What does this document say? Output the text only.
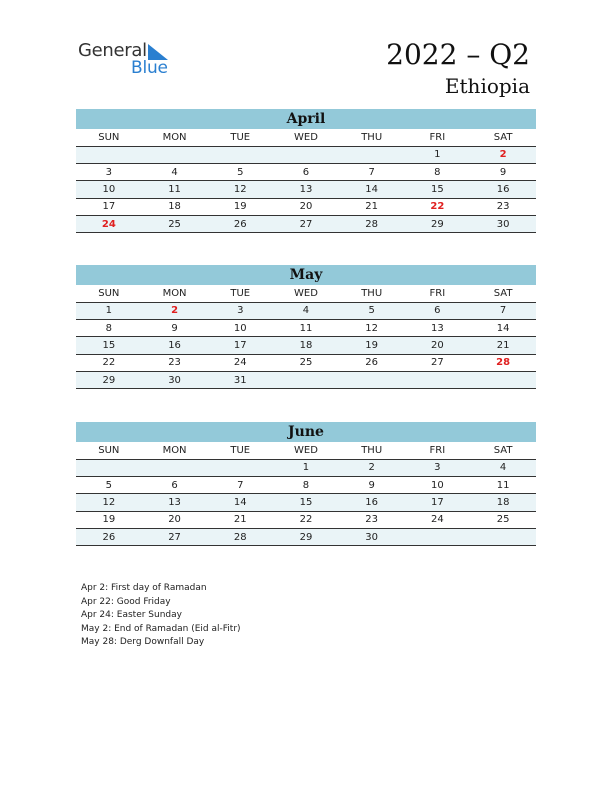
General
Blue	2022 – Q2
Ethiopia
April
SUN	MON	TUE	WED	THU	FRI	SAT
					1	2
3	4	5	6	7	8	9
10	11	12	13	14	15	16
17	18	19	20	21	22	23
24	25	26	27	28	29	30
May
SUN	MON	TUE	WED	THU	FRI	SAT
1	2	3	4	5	6	7
8	9	10	11	12	13	14
15	16	17	18	19	20	21
22	23	24	25	26	27	28
29	30	31				
June
SUN	MON	TUE	WED	THU	FRI	SAT
			1	2	3	4
5	6	7	8	9	10	11
12	13	14	15	16	17	18
19	20	21	22	23	24	25
26	27	28	29	30		
Apr 2: First day of Ramadan
Apr 22: Good Friday
Apr 24: Easter Sunday
May 2: End of Ramadan (Eid al-Fitr)
May 28: Derg Downfall Day
